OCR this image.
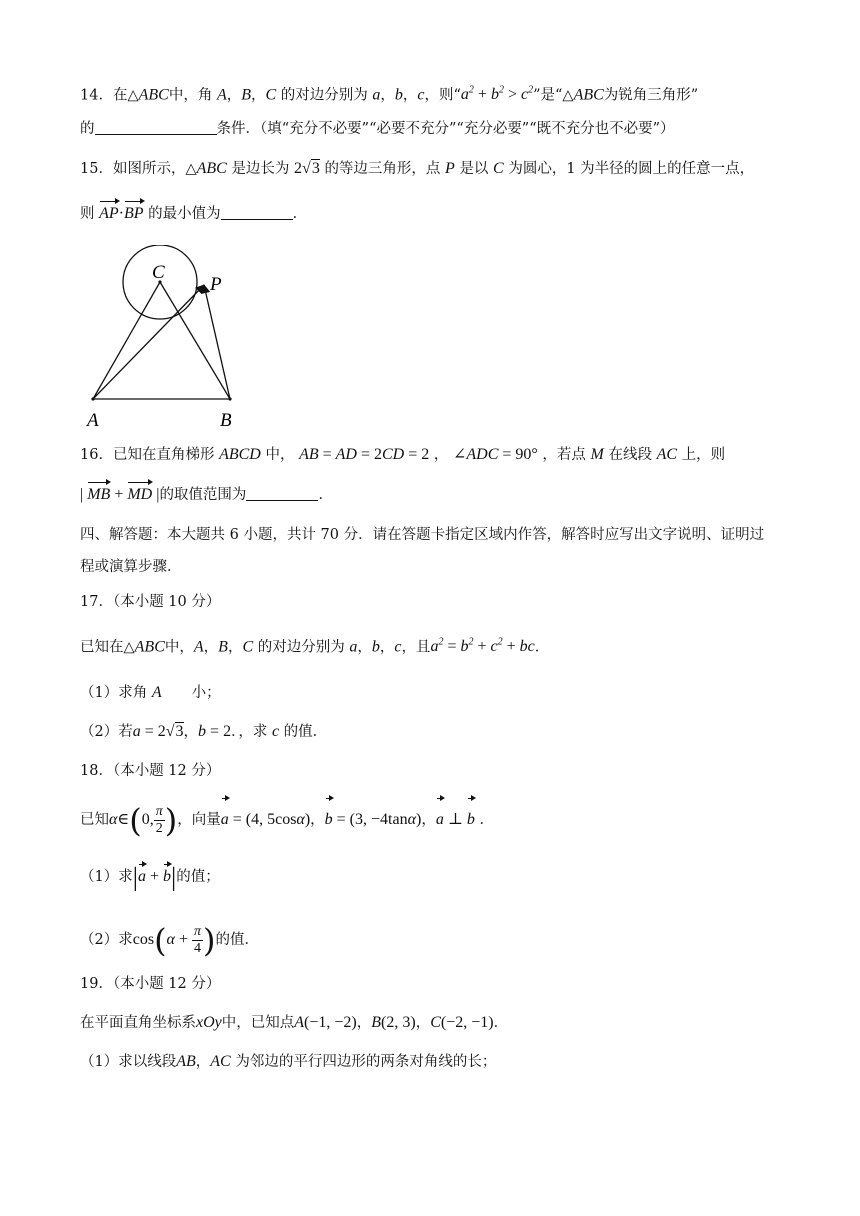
14．在△ABC中，角 A，B，C 的对边分别为 a，b，c，则“$a^2 + b^2 > c^2$”是“△ABC为锐角三角形”
的	条件．（填“充分不必要”“必要不充分”“充分必要”“既不充分也不必要”）
15．如图所示，△ABC 是边长为 2√3 的等边三角形，点 P 是以 C 为圆心，1 为半径的圆上的任意一点，
则 AP·BP 的最小值为	．
C
P
A	B
16．已知在直角梯形 ABCD 中， AB = AD = 2CD = 2 ， ∠ADC = 90° ，若点 M 在线段 AC 上，则
| MB + MD |的取值范围为	．
四、解答题：本大题共 6 小题，共计 70 分．请在答题卡指定区域内作答，解答时应写出文字说明、证明过
程或演算步骤．
17．（本小题 10 分）
已知在△ABC中，A，B，C 的对边分别为 a，b，c，且$a^2 = b^2 + c^2$ + bc．
（1）求角 A 小；
（2）若a = 2√3，b = 2．，求 c 的值．
18．（本小题 12 分）
已知α∈(0, $\frac{\pi}{2}$ )，向量a = (4, 5cosα)，b = (3, −4tanα)，a ⊥ b ．
（1）求|a + b|的值；
（2）求$\cos(\alpha + \frac{\pi}{4}$ )的值．
19．（本小题 12 分）
在平面直角坐标系xOy中，已知点A(−1, −2)，B(2, 3)，C(−2, −1)．
（1）求以线段AB，AC 为邻边的平行四边形的两条对角线的长；
